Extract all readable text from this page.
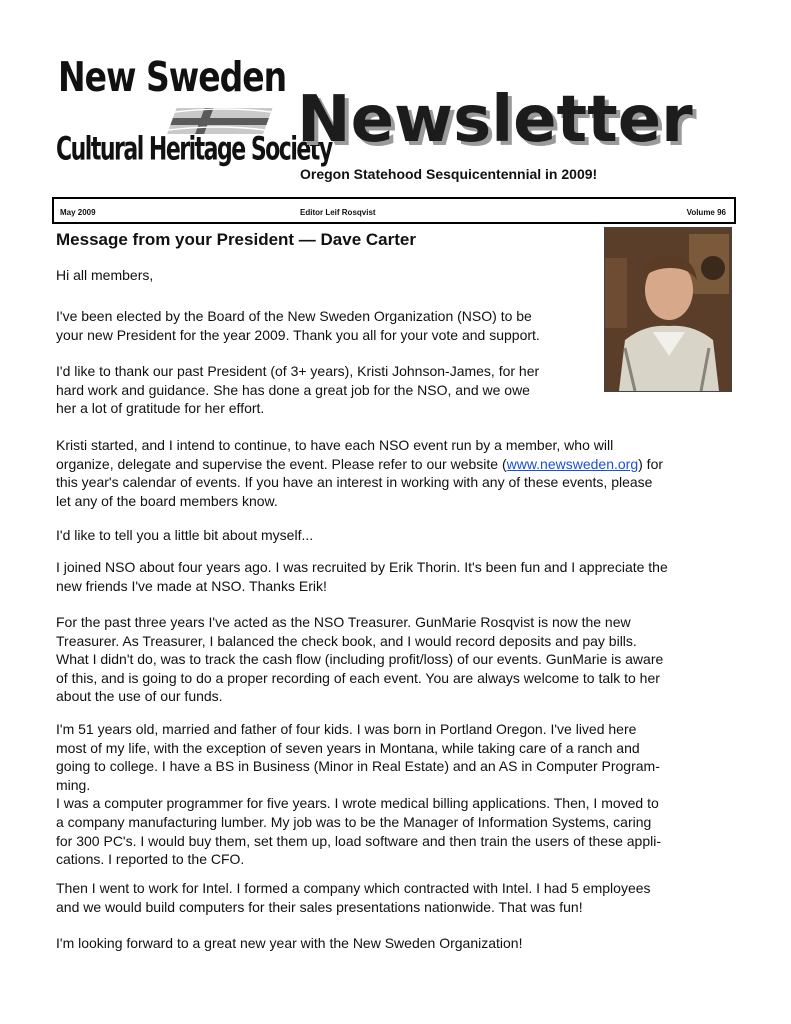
New Sweden
Cultural Heritage Society
Newsletter
Oregon Statehood Sesquicentennial in 2009!
May 2009	Editor Leif Rosqvist	Volume 96
Message from your President — Dave Carter

Hi all members,

I've been elected by the Board of the New Sweden Organization (NSO) to be
your new President for the year 2009. Thank you all for your vote and support.

I'd like to thank our past President (of 3+ years), Kristi Johnson-James, for her
hard work and guidance. She has done a great job for the NSO, and we owe
her a lot of gratitude for her effort.

Kristi started, and I intend to continue, to have each NSO event run by a member, who will
organize, delegate and supervise the event. Please refer to our website (www.newsweden.org) for
this year's calendar of events. If you have an interest in working with any of these events, please
let any of the board members know.

I'd like to tell you a little bit about myself...

I joined NSO about four years ago. I was recruited by Erik Thorin. It's been fun and I appreciate the
new friends I've made at NSO. Thanks Erik!

For the past three years I've acted as the NSO Treasurer. GunMarie Rosqvist is now the new
Treasurer. As Treasurer, I balanced the check book, and I would record deposits and pay bills.
What I didn't do, was to track the cash flow (including profit/loss) of our events. GunMarie is aware
of this, and is going to do a proper recording of each event. You are always welcome to talk to her
about the use of our funds.

I'm 51 years old, married and father of four kids. I was born in Portland Oregon. I've lived here
most of my life, with the exception of seven years in Montana, while taking care of a ranch and
going to college. I have a BS in Business (Minor in Real Estate) and an AS in Computer Program-
ming.
I was a computer programmer for five years. I wrote medical billing applications. Then, I moved to
a company manufacturing lumber. My job was to be the Manager of Information Systems, caring
for 300 PC's. I would buy them, set them up, load software and then train the users of these appli-
cations. I reported to the CFO.

Then I went to work for Intel. I formed a company which contracted with Intel. I had 5 employees
and we would build computers for their sales presentations nationwide. That was fun!

I'm looking forward to a great new year with the New Sweden Organization!
